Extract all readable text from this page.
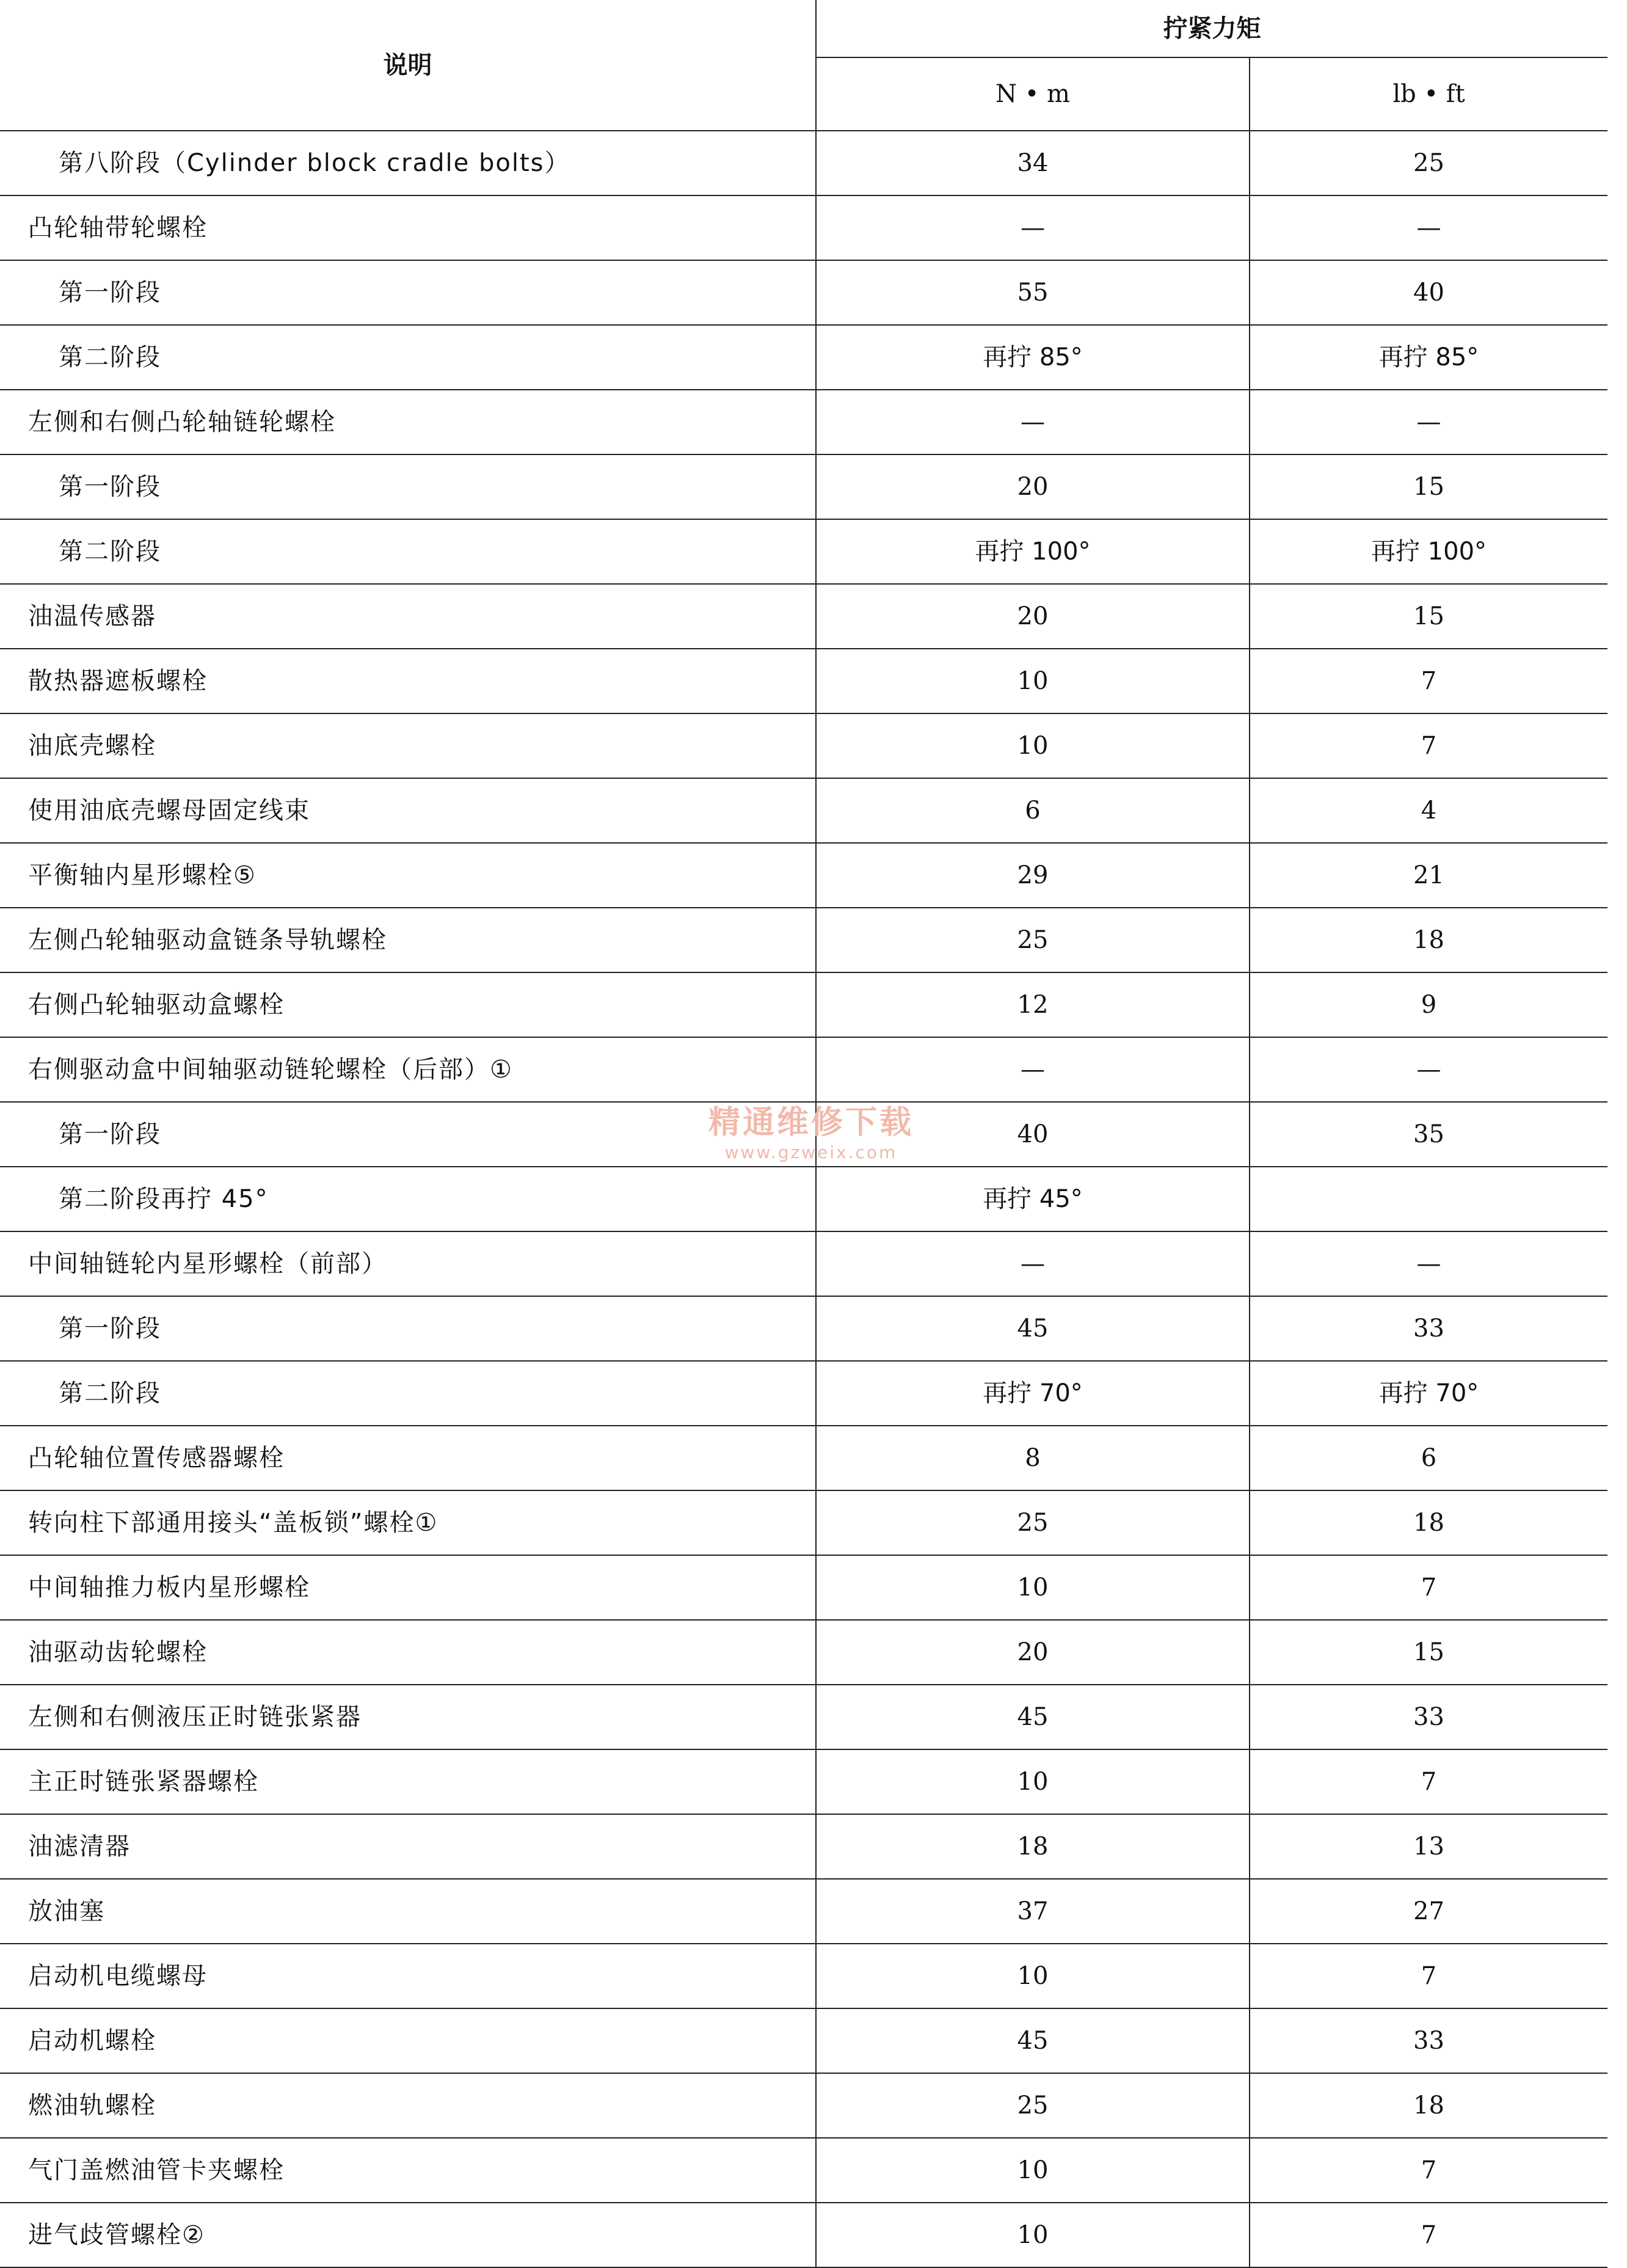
说明	拧紧力矩	
	N • m	lb • ft
第八阶段（Cylinder block cradle bolts）	34	25
凸轮轴带轮螺栓	—	—
第一阶段	55	40
第二阶段	再拧 85°	再拧 85°
左侧和右侧凸轮轴链轮螺栓	—	—
第一阶段	20	15
第二阶段	再拧 100°	再拧 100°
油温传感器	20	15
散热器遮板螺栓	10	7
油底壳螺栓	10	7
使用油底壳螺母固定线束	6	4
平衡轴内星形螺栓⑤	29	21
左侧凸轮轴驱动盒链条导轨螺栓	25	18
右侧凸轮轴驱动盒螺栓	12	9
右侧驱动盒中间轴驱动链轮螺栓（后部）①	—	—
第一阶段	40	35
第二阶段再拧 45°	再拧 45°	
中间轴链轮内星形螺栓（前部）	—	—
第一阶段	45	33
第二阶段	再拧 70°	再拧 70°
凸轮轴位置传感器螺栓	8	6
转向柱下部通用接头“盖板锁”螺栓①	25	18
中间轴推力板内星形螺栓	10	7
油驱动齿轮螺栓	20	15
左侧和右侧液压正时链张紧器	45	33
主正时链张紧器螺栓	10	7
油滤清器	18	13
放油塞	37	27
启动机电缆螺母	10	7
启动机螺栓	45	33
燃油轨螺栓	25	18
气门盖燃油管卡夹螺栓	10	7
进气歧管螺栓②	10	7
精通维修下载
www.gzweix.com
